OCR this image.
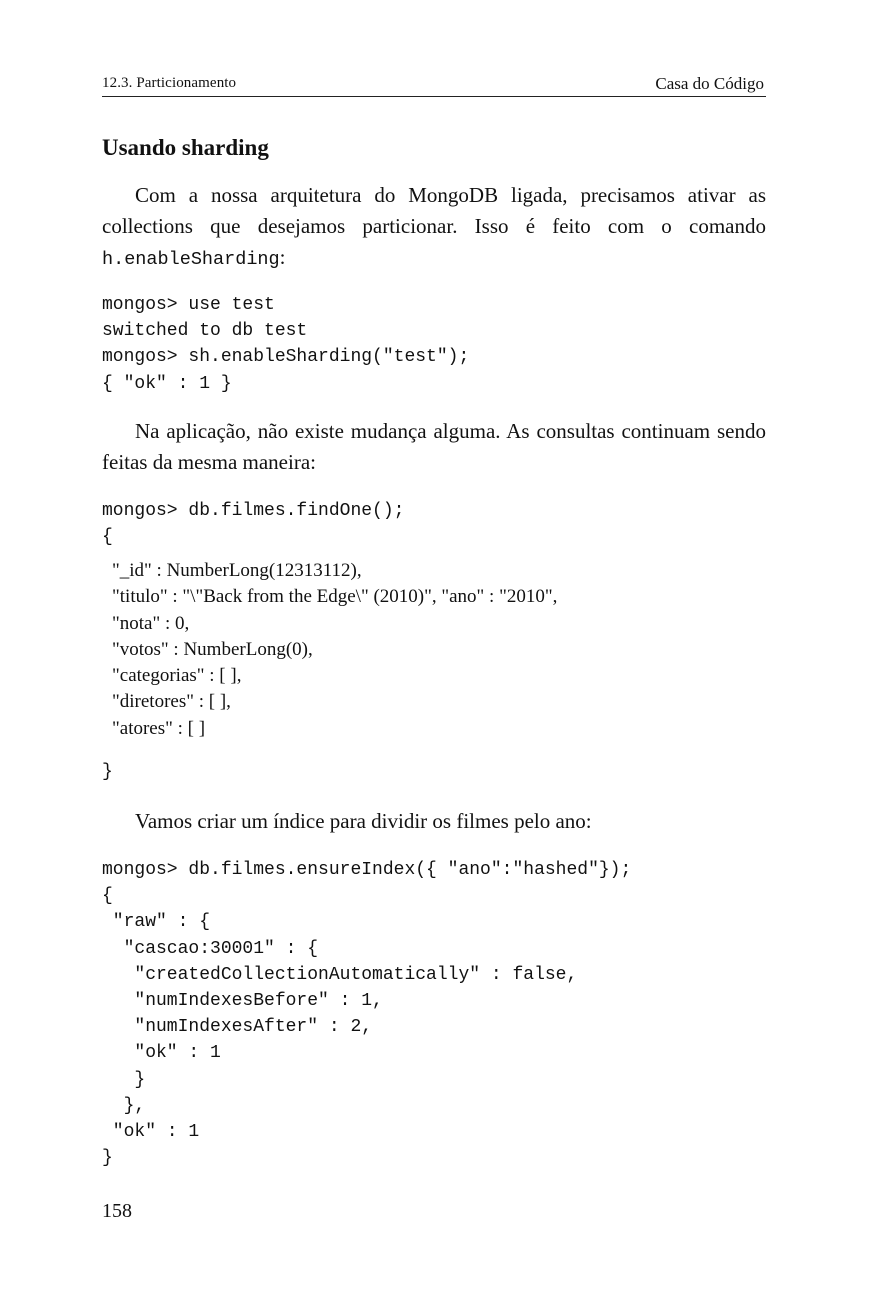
12.3. Particionamento	Casa do Código
Usando sharding

Com a nossa arquitetura do MongoDB ligada, precisamos ativar as collections que desejamos particionar. Isso é feito com o comando h.enableSharding:

mongos> use test
switched to db test
mongos> sh.enableSharding("test");
{ "ok" : 1 }

Na aplicação, não existe mudança alguma. As consultas continuam sendo feitas da mesma maneira:

mongos> db.filmes.findOne();
{
"_id" : NumberLong(12313112),
"titulo" : "\"Back from the Edge\" (2010)", "ano" : "2010",
"nota" : 0,
"votos" : NumberLong(0),
"categorias" : [ ],
"diretores" : [ ],
"atores" : [ ]
}

Vamos criar um índice para dividir os filmes pelo ano:

mongos> db.filmes.ensureIndex({ "ano":"hashed"});
{
"raw" : {
"cascao:30001" : {
"createdCollectionAutomatically" : false,
"numIndexesBefore" : 1,
"numIndexesAfter" : 2,
"ok" : 1
}
},
"ok" : 1
}
158
